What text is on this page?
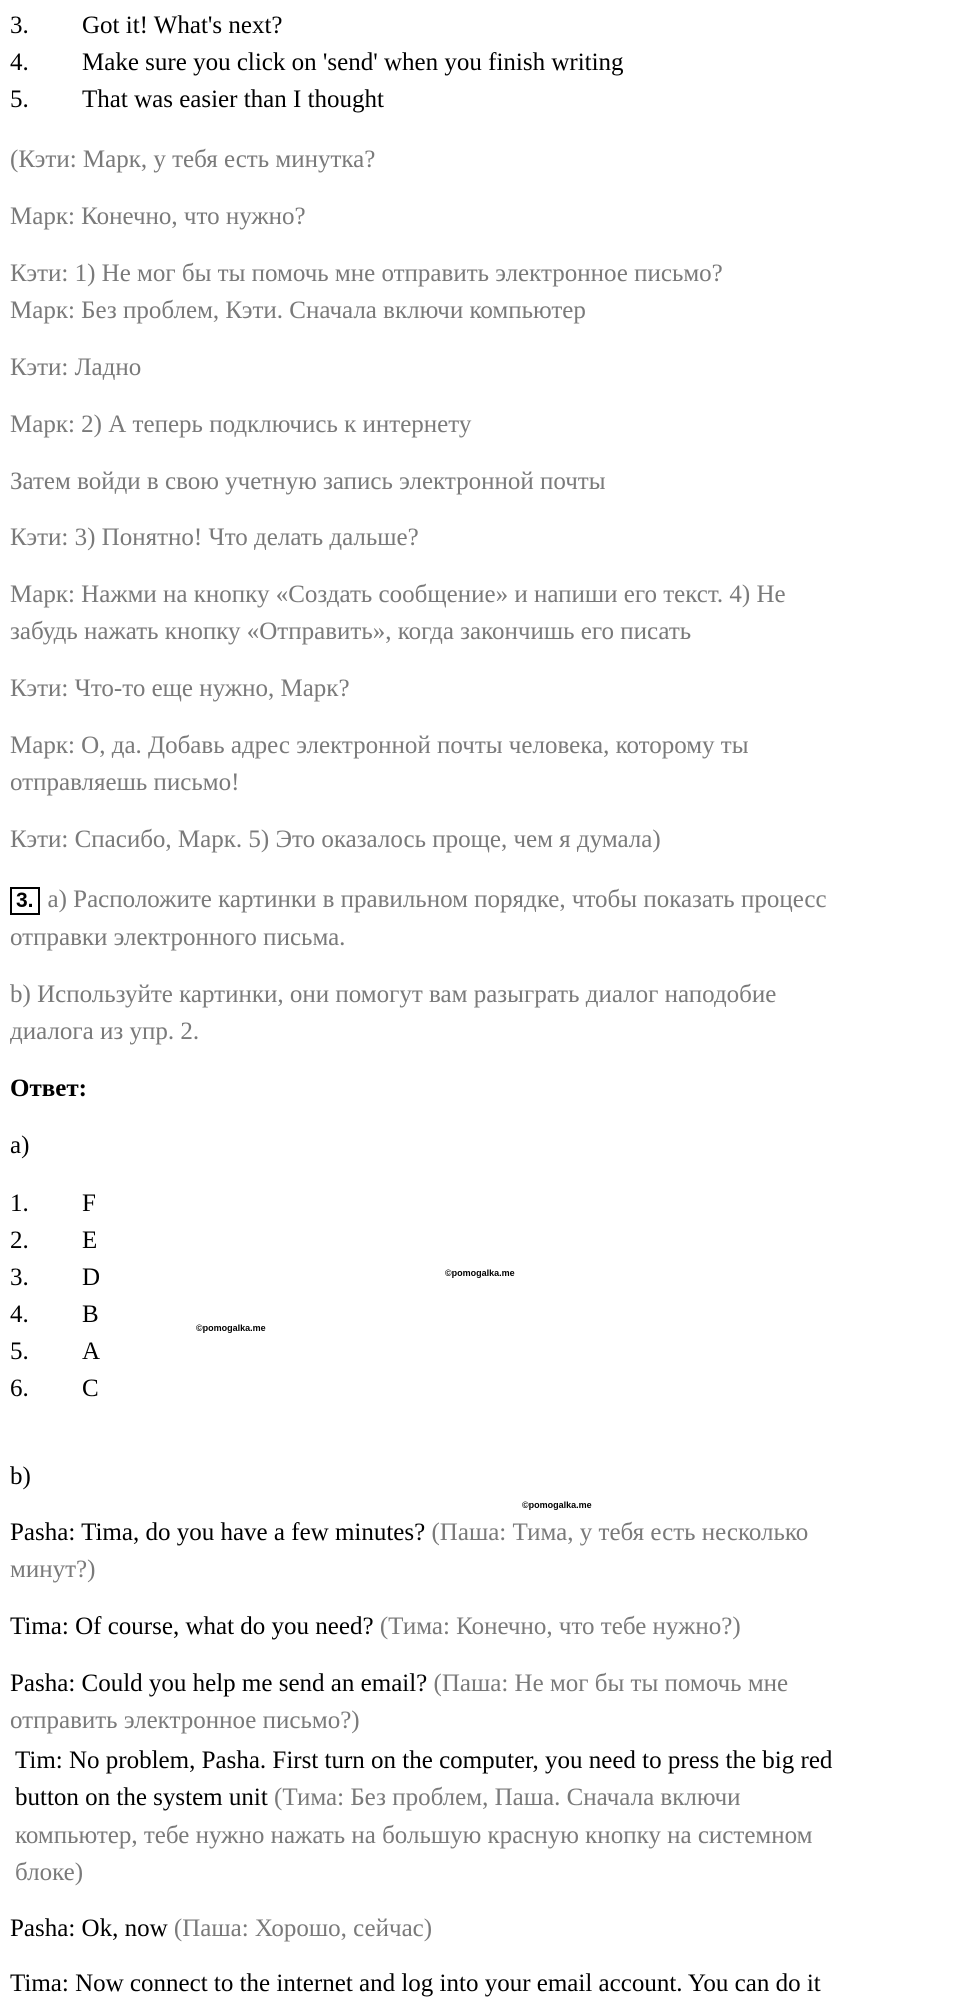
3. Got it! What's next?
4. Make sure you click on 'send' when you finish writing
5. That was easier than I thought
(Кэти: Марк, у тебя есть минутка?
Марк: Конечно, что нужно?
Кэти: 1) Не мог бы ты помочь мне отправить электронное письмо?
Марк: Без проблем, Кэти. Сначала включи компьютер
Кэти: Ладно
Марк: 2) А теперь подключись к интернету
Затем войди в свою учетную запись электронной почты
Кэти: 3) Понятно! Что делать дальше?
Марк: Нажми на кнопку «Создать сообщение» и напиши его текст. 4) Не
забудь нажать кнопку «Отправить», когда закончишь его писать
Кэти: Что-то еще нужно, Марк?
Марк: О, да. Добавь адрес электронной почты человека, которому ты
отправляешь письмо!
Кэти: Спасибо, Марк. 5) Это оказалось проще, чем я думала)
3. a) Расположите картинки в правильном порядке, чтобы показать процесс
отправки электронного письма.
b) Используйте картинки, они помогут вам разыграть диалог наподобие
диалога из упр. 2.
Ответ:
a)
1. F
2. E
3. D
4. B
5. A
6. C
©pomogalka.me
©pomogalka.me
©pomogalka.me
b)
Pasha: Tima, do you have a few minutes? (Паша: Тима, у тебя есть несколько
минут?)
Tima: Of course, what do you need? (Тима: Конечно, что тебе нужно?)
Pasha: Could you help me send an email? (Паша: Не мог бы ты помочь мне
отправить электронное письмо?)
Tim: No problem, Pasha. First turn on the computer, you need to press the big red
button on the system unit (Тима: Без проблем, Паша. Сначала включи
компьютер, тебе нужно нажать на большую красную кнопку на системном
блоке)
Pasha: Ok, now (Паша: Хорошо, сейчас)
Tima: Now connect to the internet and log into your email account. You can do it
